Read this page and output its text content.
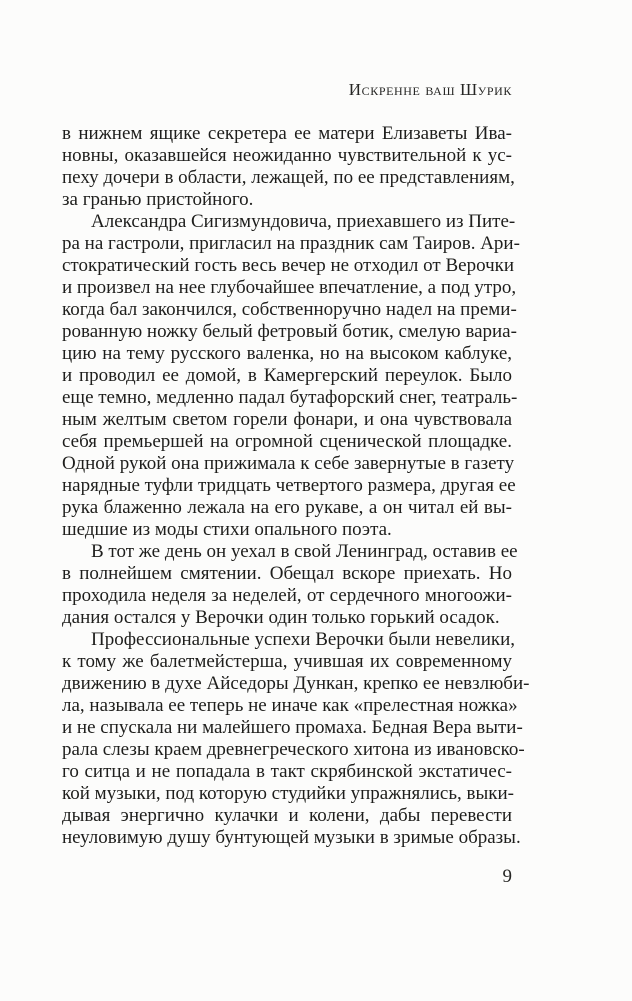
Искренне ваш Шурик
в нижнем ящике секретера ее матери Елизаветы Ива-
новны, оказавшейся неожиданно чувствительной к ус-
пеху дочери в области, лежащей, по ее представлениям,
за гранью пристойного.
Александра Сигизмундовича, приехавшего из Пите-
ра на гастроли, пригласил на праздник сам Таиров. Ари-
стократический гость весь вечер не отходил от Верочки
и произвел на нее глубочайшее впечатление, а под утро,
когда бал закончился, собственноручно надел на преми-
рованную ножку белый фетровый ботик, смелую вариа-
цию на тему русского валенка, но на высоком каблуке,
и проводил ее домой, в Камергерский переулок. Было
еще темно, медленно падал бутафорский снег, театраль-
ным желтым светом горели фонари, и она чувствовала
себя премьершей на огромной сценической площадке.
Одной рукой она прижимала к себе завернутые в газету
нарядные туфли тридцать четвертого размера, другая ее
рука блаженно лежала на его рукаве, а он читал ей вы-
шедшие из моды стихи опального поэта.
В тот же день он уехал в свой Ленинград, оставив ее
в полнейшем смятении. Обещал вскоре приехать. Но
проходила неделя за неделей, от сердечного многоожи-
дания остался у Верочки один только горький осадок.
Профессиональные успехи Верочки были невелики,
к тому же балетмейстерша, учившая их современному
движению в духе Айседоры Дункан, крепко ее невзлюби-
ла, называла ее теперь не иначе как «прелестная ножка»
и не спускала ни малейшего промаха. Бедная Вера выти-
рала слезы краем древнегреческого хитона из ивановско-
го ситца и не попадала в такт скрябинской экстатичес-
кой музыки, под которую студийки упражнялись, выки-
дывая энергично кулачки и колени, дабы перевести
неуловимую душу бунтующей музыки в зримые образы.
9
